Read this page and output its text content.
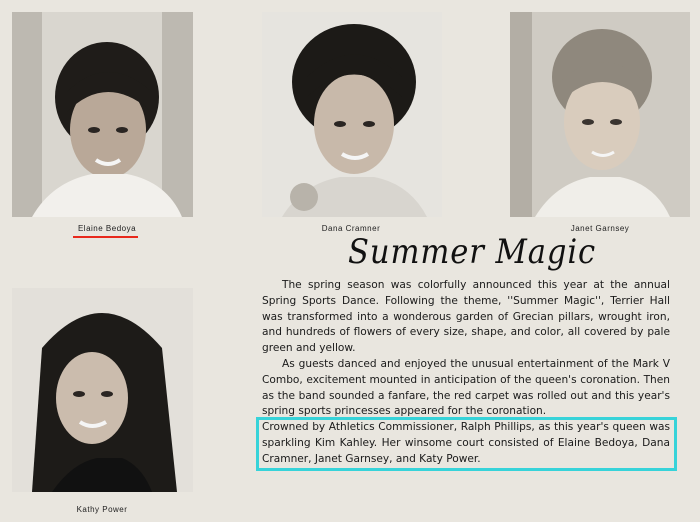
Elaine Bedoya	Dana Cramner	Janet Garnsey
Kathy Power
Summer Magic

The spring season was colorfully announced this year at the annual Spring Sports Dance. Following the theme, ''Summer Magic'', Terrier Hall was transformed into a wonderous garden of Grecian pillars, wrought iron, and hundreds of flowers of every size, shape, and color, all covered by pale green and yellow.

As guests danced and enjoyed the unusual entertainment of the Mark V Combo, excitement mounted in anticipation of the queen's coronation. Then as the band sounded a fanfare, the red carpet was rolled out and this year's spring sports princesses appeared for the coronation.

Crowned by Athletics Commissioner, Ralph Phillips, as this year's queen was sparkling Kim Kahley. Her winsome court consisted of Elaine Bedoya, Dana Cramner, Janet Garnsey, and Katy Power.
